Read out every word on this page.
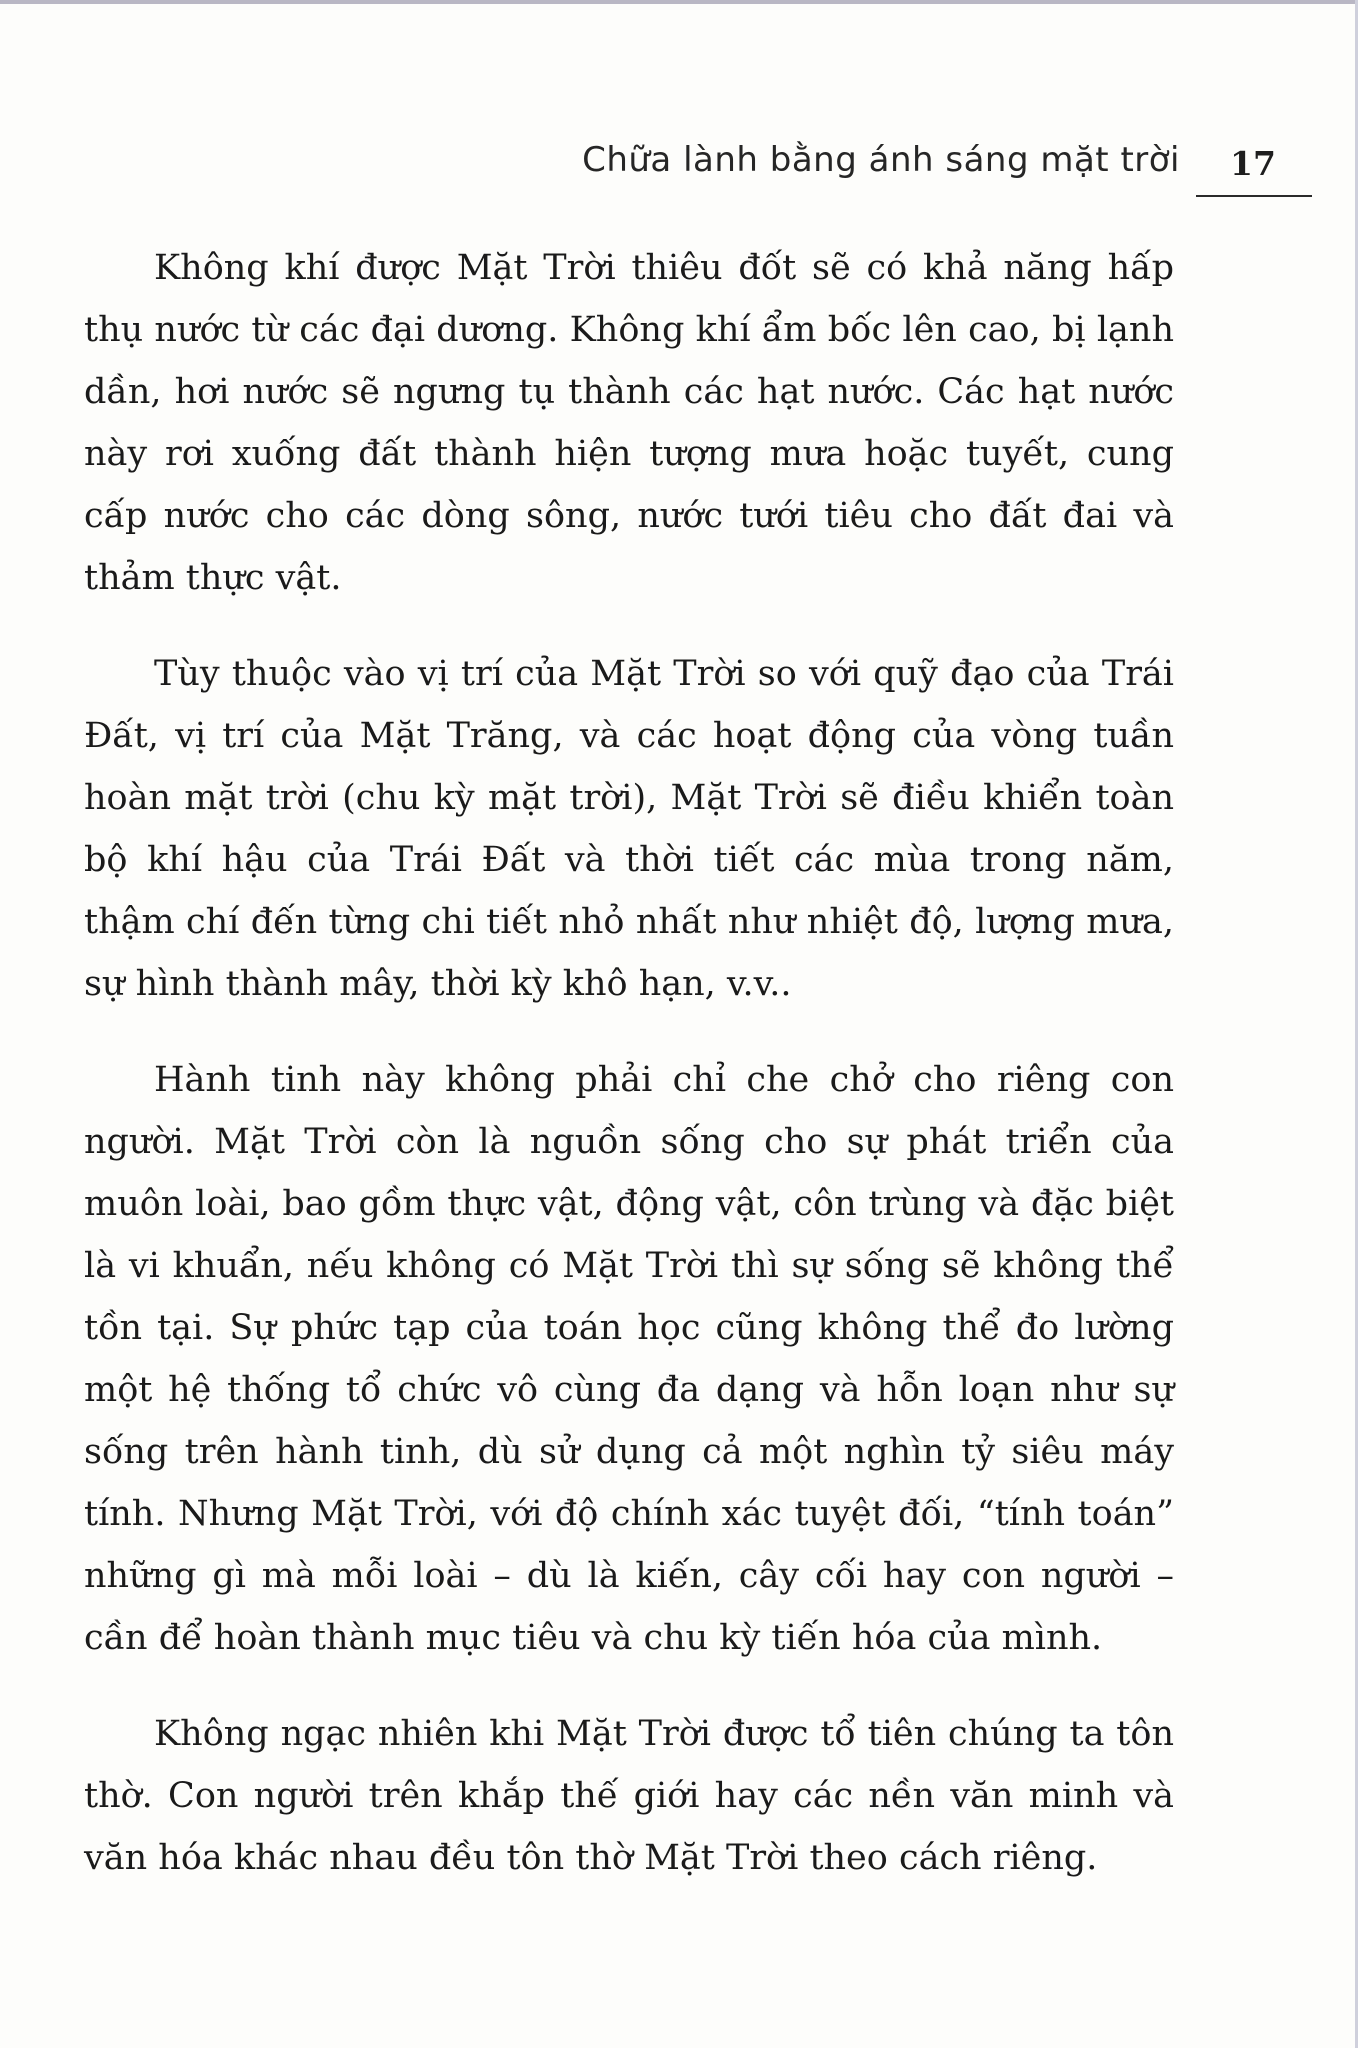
Chữa lành bằng ánh sáng mặt trời	17

Không khí được Mặt Trời thiêu đốt sẽ có khả năng hấp thụ nước từ các đại dương. Không khí ẩm bốc lên cao, bị lạnh dần, hơi nước sẽ ngưng tụ thành các hạt nước. Các hạt nước này rơi xuống đất thành hiện tượng mưa hoặc tuyết, cung cấp nước cho các dòng sông, nước tưới tiêu cho đất đai và thảm thực vật.

Tùy thuộc vào vị trí của Mặt Trời so với quỹ đạo của Trái Đất, vị trí của Mặt Trăng, và các hoạt động của vòng tuần hoàn mặt trời (chu kỳ mặt trời), Mặt Trời sẽ điều khiển toàn bộ khí hậu của Trái Đất và thời tiết các mùa trong năm, thậm chí đến từng chi tiết nhỏ nhất như nhiệt độ, lượng mưa, sự hình thành mây, thời kỳ khô hạn, v.v..

Hành tinh này không phải chỉ che chở cho riêng con người. Mặt Trời còn là nguồn sống cho sự phát triển của muôn loài, bao gồm thực vật, động vật, côn trùng và đặc biệt là vi khuẩn, nếu không có Mặt Trời thì sự sống sẽ không thể tồn tại. Sự phức tạp của toán học cũng không thể đo lường một hệ thống tổ chức vô cùng đa dạng và hỗn loạn như sự sống trên hành tinh, dù sử dụng cả một nghìn tỷ siêu máy tính. Nhưng Mặt Trời, với độ chính xác tuyệt đối, “tính toán” những gì mà mỗi loài – dù là kiến, cây cối hay con người – cần để hoàn thành mục tiêu và chu kỳ tiến hóa của mình.

Không ngạc nhiên khi Mặt Trời được tổ tiên chúng ta tôn thờ. Con người trên khắp thế giới hay các nền văn minh và văn hóa khác nhau đều tôn thờ Mặt Trời theo cách riêng.
